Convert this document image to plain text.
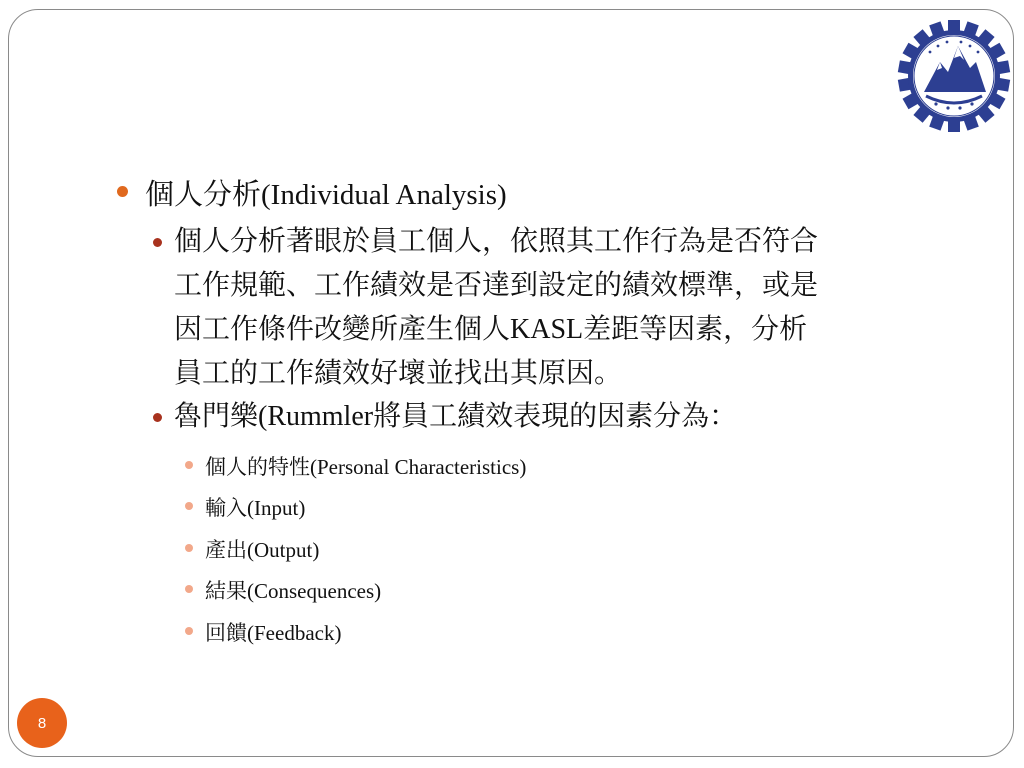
個人分析(Individual Analysis)
個人分析著眼於員工個人，依照其工作行為是否符合
工作規範、工作績效是否達到設定的績效標準，或是
因工作條件改變所產生個人KASL差距等因素，分析
員工的工作績效好壞並找出其原因。
魯門樂(Rummler將員工績效表現的因素分為：
個人的特性(Personal Characteristics)
輸入(Input)
產出(Output)
結果(Consequences)
回饋(Feedback)
8
